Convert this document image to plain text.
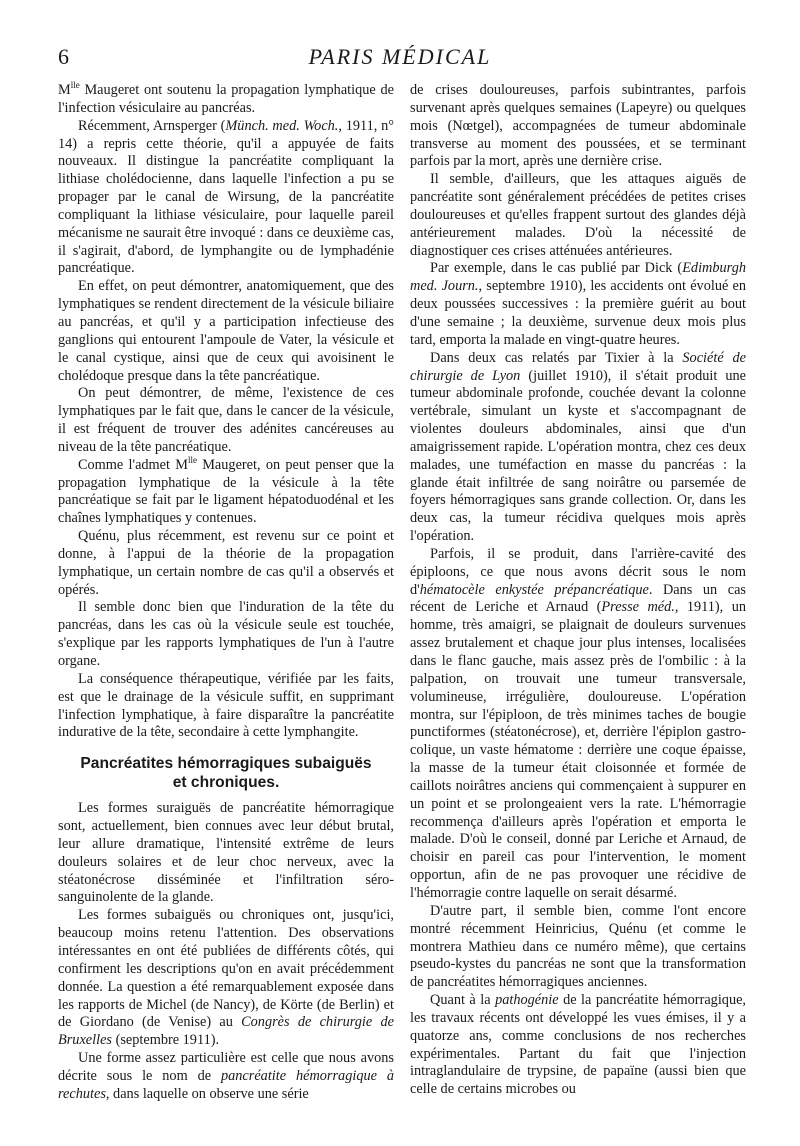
6	PARIS MÉDICAL

$M^{lle}$ Maugeret ont soutenu la propagation lymphatique de l'infection vésiculaire au pancréas.

Récemment, Arnsperger (Münch. med. Woch., 1911, n° 14) a repris cette théorie, qu'il a appuyée de faits nouveaux. Il distingue la pancréatite compliquant la lithiase cholédocienne, dans laquelle l'infection a pu se propager par le canal de Wirsung, de la pancréatite compliquant la lithiase vésiculaire, pour laquelle pareil mécanisme ne saurait être invoqué : dans ce deuxième cas, il s'agirait, d'abord, de lymphangite ou de lymphadénie pancréatique.

En effet, on peut démontrer, anatomiquement, que des lymphatiques se rendent directement de la vésicule biliaire au pancréas, et qu'il y a participation infectieuse des ganglions qui entourent l'ampoule de Vater, la vésicule et le canal cystique, ainsi que de ceux qui avoisinent le cholédoque presque dans la tête pancréatique.

On peut démontrer, de même, l'existence de ces lymphatiques par le fait que, dans le cancer de la vésicule, il est fréquent de trouver des adénites cancéreuses au niveau de la tête pancréatique.

Comme l'admet $M^{lle}$ Maugeret, on peut penser que la propagation lymphatique de la vésicule à la tête pancréatique se fait par le ligament hépatoduodénal et les chaînes lymphatiques y contenues.

Quénu, plus récemment, est revenu sur ce point et donne, à l'appui de la théorie de la propagation lymphatique, un certain nombre de cas qu'il a observés et opérés.

Il semble donc bien que l'induration de la tête du pancréas, dans les cas où la vésicule seule est touchée, s'explique par les rapports lymphatiques de l'un à l'autre organe.

La conséquence thérapeutique, vérifiée par les faits, est que le drainage de la vésicule suffit, en supprimant l'infection lymphatique, à faire disparaître la pancréatite indurative de la tête, secondaire à cette lymphangite.

Pancréatites hémorragiques subaiguës
et chroniques.

Les formes suraiguës de pancréatite hémorragique sont, actuellement, bien connues avec leur début brutal, leur allure dramatique, l'intensité extrême de leurs douleurs solaires et de leur choc nerveux, avec la stéatonécrose disséminée et l'infiltration séro-sanguinolente de la glande.

Les formes subaiguës ou chroniques ont, jusqu'ici, beaucoup moins retenu l'attention. Des observations intéressantes en ont été publiées de différents côtés, qui confirment les descriptions qu'on en avait précédemment donnée. La question a été remarquablement exposée dans les rapports de Michel (de Nancy), de Körte (de Berlin) et de Giordano (de Venise) au Congrès de chirurgie de Bruxelles (septembre 1911).

Une forme assez particulière est celle que nous avons décrite sous le nom de pancréatite hémorragique à rechutes, dans laquelle on observe une série

de crises douloureuses, parfois subintrantes, parfois survenant après quelques semaines (Lapeyre) ou quelques mois (Nœtgel), accompagnées de tumeur abdominale transverse au moment des poussées, et se terminant parfois par la mort, après une dernière crise.

Il semble, d'ailleurs, que les attaques aiguës de pancréatite sont généralement précédées de petites crises douloureuses et qu'elles frappent surtout des glandes déjà antérieurement malades. D'où la nécessité de diagnostiquer ces crises atténuées antérieures.

Par exemple, dans le cas publié par Dick (Edimburgh med. Journ., septembre 1910), les accidents ont évolué en deux poussées successives : la première guérit au bout d'une semaine ; la deuxième, survenue deux mois plus tard, emporta la malade en vingt-quatre heures.

Dans deux cas relatés par Tixier à la Société de chirurgie de Lyon (juillet 1910), il s'était produit une tumeur abdominale profonde, couchée devant la colonne vertébrale, simulant un kyste et s'accompagnant de violentes douleurs abdominales, ainsi que d'un amaigrissement rapide. L'opération montra, chez ces deux malades, une tuméfaction en masse du pancréas : la glande était infiltrée de sang noirâtre ou parsemée de foyers hémorragiques sans grande collection. Or, dans les deux cas, la tumeur récidiva quelques mois après l'opération.

Parfois, il se produit, dans l'arrière-cavité des épiploons, ce que nous avons décrit sous le nom d'hématocèle enkystée prépancréatique. Dans un cas récent de Leriche et Arnaud (Presse méd., 1911), un homme, très amaigri, se plaignait de douleurs survenues assez brutalement et chaque jour plus intenses, localisées dans le flanc gauche, mais assez près de l'ombilic : à la palpation, on trouvait une tumeur transversale, volumineuse, irrégulière, douloureuse. L'opération montra, sur l'épiploon, de très minimes taches de bougie punctiformes (stéatonécrose), et, derrière l'épiplon gastro-colique, un vaste hématome : derrière une coque épaisse, la masse de la tumeur était cloisonnée et formée de caillots noirâtres anciens qui commençaient à suppurer en un point et se prolongeaient vers la rate. L'hémorragie recommença d'ailleurs après l'opération et emporta le malade. D'où le conseil, donné par Leriche et Arnaud, de choisir en pareil cas pour l'intervention, le moment opportun, afin de ne pas provoquer une récidive de l'hémorragie contre laquelle on serait désarmé.

D'autre part, il semble bien, comme l'ont encore montré récemment Heinricius, Quénu (et comme le montrera Mathieu dans ce numéro même), que certains pseudo-kystes du pancréas ne sont que la transformation de pancréatites hémorragiques anciennes.

Quant à la pathogénie de la pancréatite hémorragique, les travaux récents ont développé les vues émises, il y a quatorze ans, comme conclusions de nos recherches expérimentales. Partant du fait que l'injection intraglandulaire de trypsine, de papaïne (aussi bien que celle de certains microbes ou
